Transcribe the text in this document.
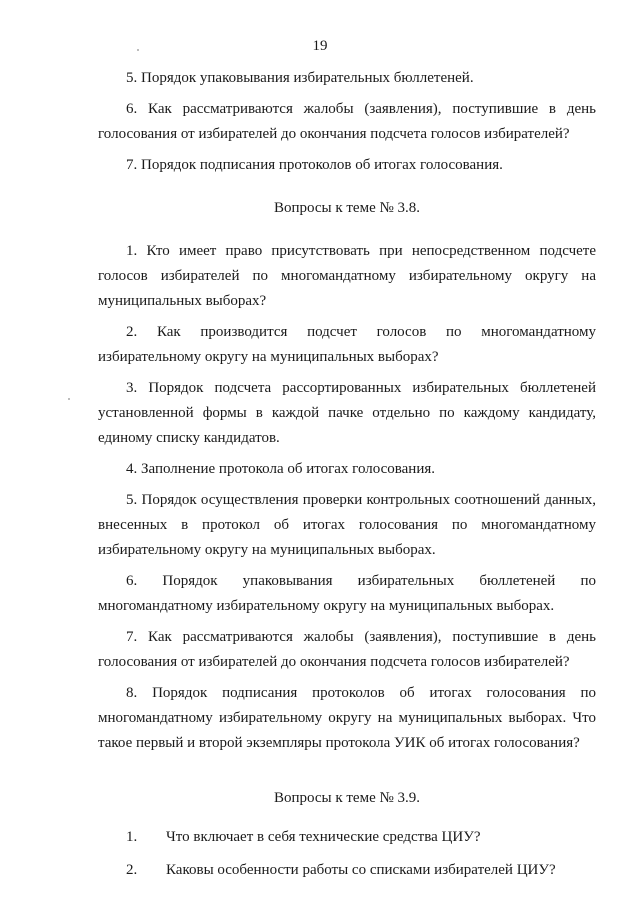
19

5. Порядок упаковывания избирательных бюллетеней.

6. Как рассматриваются жалобы (заявления), поступившие в день голосования от избирателей до окончания подсчета голосов избирателей?

7. Порядок подписания протоколов об итогах голосования.

Вопросы к теме № 3.8.

1. Кто имеет право присутствовать при непосредственном подсчете голосов избирателей по многомандатному избирательному округу на муниципальных выборах?

2. Как производится подсчет голосов по многомандатному избирательному округу на муниципальных выборах?

3. Порядок подсчета рассортированных избирательных бюллетеней установленной формы в каждой пачке отдельно по каждому кандидату, единому списку кандидатов.

4. Заполнение протокола об итогах голосования.

5. Порядок осуществления проверки контрольных соотношений данных, внесенных в протокол об итогах голосования по многомандатному избирательному округу на муниципальных выборах.

6. Порядок упаковывания избирательных бюллетеней по многомандатному избирательному округу на муниципальных выборах.

7. Как рассматриваются жалобы (заявления), поступившие в день голосования от избирателей до окончания подсчета голосов избирателей?

8. Порядок подписания протоколов об итогах голосования по многомандатному избирательному округу на муниципальных выборах. Что такое первый и второй экземпляры протокола УИК об итогах голосования?

Вопросы к теме № 3.9.
1.	Что включает в себя технические средства ЦИУ?
2.	Каковы особенности работы со списками избирателей ЦИУ?
